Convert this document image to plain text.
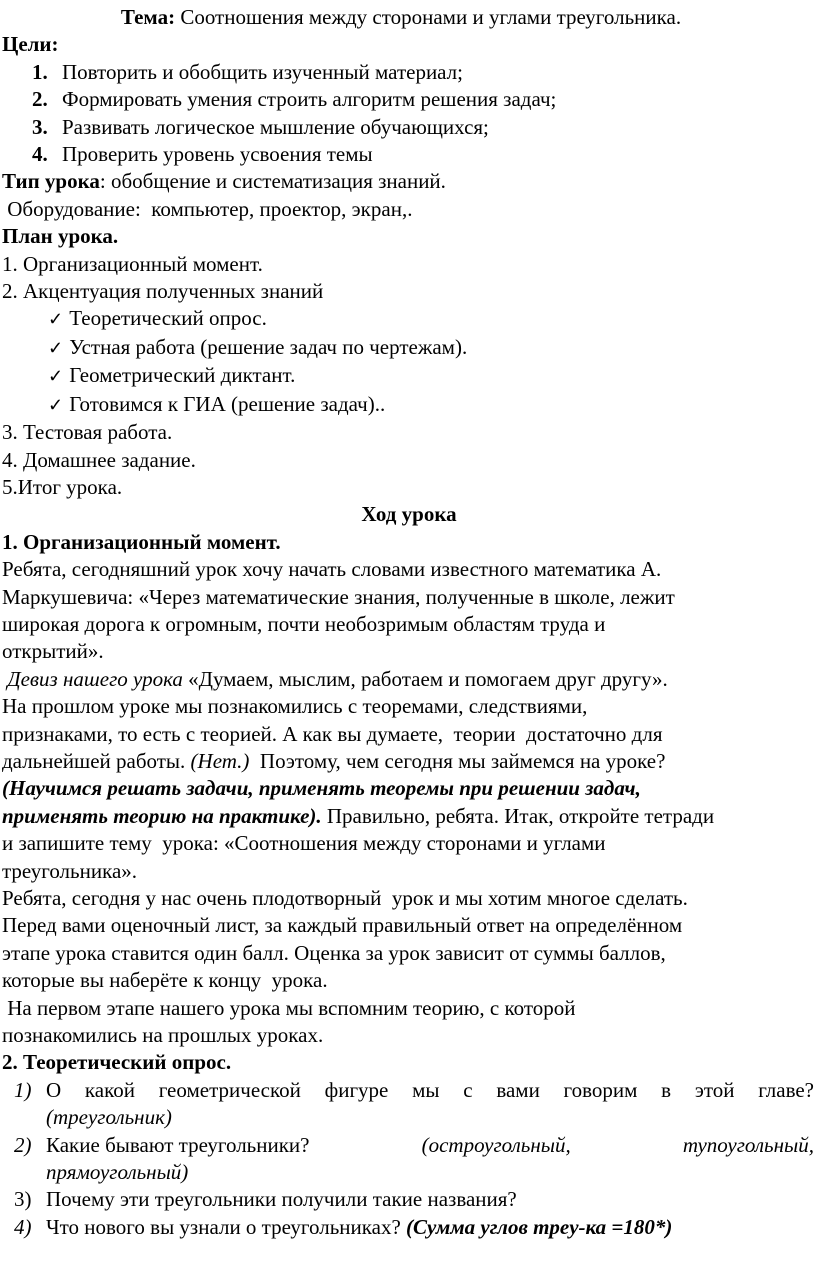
Тема: Соотношения между сторонами и углами треугольника.
Цели:
1. Повторить и обобщить изученный материал;
2. Формировать умения строить алгоритм решения задач;
3. Развивать логическое мышление обучающихся;
4. Проверить уровень усвоения темы
Тип урока: обобщение и систематизация знаний.
Оборудование:  компьютер, проектор, экран,.
План урока.
1. Организационный момент.
2. Акцентуация полученных знаний
✓ Теоретический опрос.
✓ Устная работа (решение задач по чертежам).
✓ Геометрический диктант.
✓ Готовимся к ГИА (решение задач)..
3. Тестовая работа.
4. Домашнее задание.
5.Итог урока.
Ход урока
1. Организационный момент.
Ребята, сегодняшний урок хочу начать словами известного математика А.
Маркушевича: «Через математические знания, полученные в школе, лежит
широкая дорога к огромным, почти необозримым областям труда и
открытий».
Девиз нашего урока «Думаем, мыслим, работаем и помогаем друг другу».
На прошлом уроке мы познакомились с теоремами, следствиями,
признаками, то есть с теорией. А как вы думаете,  теории  достаточно для
дальнейшей работы. (Нет.)  Поэтому, чем сегодня мы займемся на уроке?
(Научимся решать задачи, применять теоремы при решении задач,
применять теорию на практике). Правильно, ребята. Итак, откройте тетради
и запишите тему  урока: «Соотношения между сторонами и углами
треугольника».
Ребята, сегодня у нас очень плодотворный  урок и мы хотим многое сделать.
Перед вами оценочный лист, за каждый правильный ответ на определённом
этапе урока ставится один балл. Оценка за урок зависит от суммы баллов,
которые вы наберёте к концу  урока.
На первом этапе нашего урока мы вспомним теорию, с которой
познакомились на прошлых уроках.
2. Теоретический опрос.
1) О какой геометрической фигуре мы с вами говорим в этой главе?
(треугольник)
2) Какие бывают треугольники?	(остроугольный,	тупоугольный,
прямоугольный)
3) Почему эти треугольники получили такие названия?
4) Что нового вы узнали о треугольниках? (Сумма углов треу-ка =180*)
